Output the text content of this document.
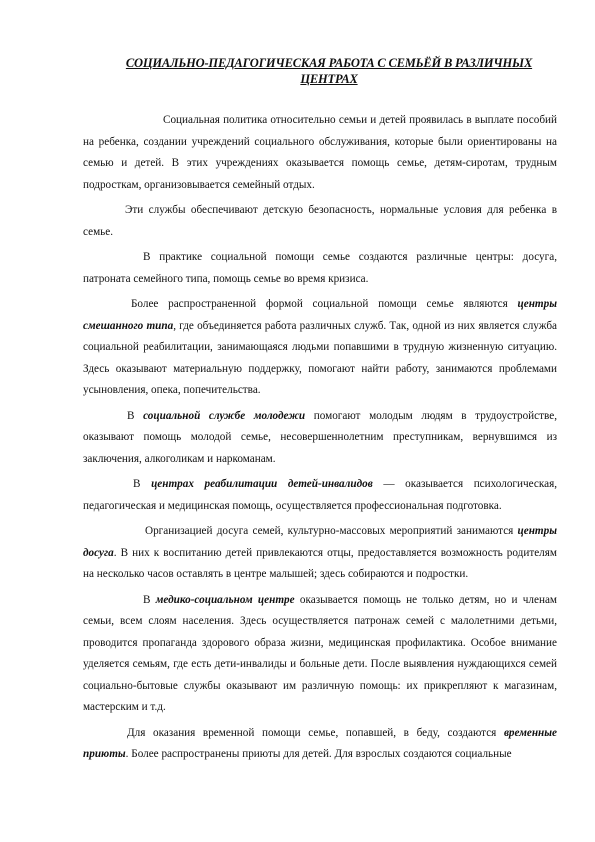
СОЦИАЛЬНО-ПЕДАГОГИЧЕСКАЯ РАБОТА С СЕМЬЁЙ В РАЗЛИЧНЫХ ЦЕНТРАХ

Социальная политика относительно семьи и детей проявилась в выплате пособий на ребенка, создании учреждений социального обслуживания, которые были ориентированы на семью и детей. В этих учреждениях оказывается помощь семье, детям-сиротам, трудным подросткам, организовывается семейный отдых.

Эти службы обеспечивают детскую безопасность, нормальные условия для ребенка в семье.

В практике социальной помощи семье создаются различные центры: досуга, патроната семейного типа, помощь семье во время кризиса.

Более распространенной формой социальной помощи семье являются центры смешанного типа, где объединяется работа различных служб. Так, одной из них является служба социальной реабилитации, занимающаяся людьми попавшими в трудную жизненную ситуацию. Здесь оказывают материальную поддержку, помогают найти работу, занимаются проблемами усыновления, опека, попечительства.

В социальной службе молодежи помогают молодым людям в трудоустройстве, оказывают помощь молодой семье, несовершеннолетним преступникам, вернувшимся из заключения, алкоголикам и наркоманам.

В центрах реабилитации детей-инвалидов — оказывается психологическая, педагогическая и медицинская помощь, осуществляется профессиональная подготовка.

Организацией досуга семей, культурно-массовых мероприятий занимаются центры досуга. В них к воспитанию детей привлекаются отцы, предоставляется возможность родителям на несколько часов оставлять в центре малышей; здесь собираются и подростки.

В медико-социальном центре оказывается помощь не только детям, но и членам семьи, всем слоям населения. Здесь осуществляется патронаж семей с малолетними детьми, проводится пропаганда здорового образа жизни, медицинская профилактика. Особое внимание уделяется семьям, где есть дети-инвалиды и больные дети. После выявления нуждающихся семей социально-бытовые службы оказывают им различную помощь: их прикрепляют к магазинам, мастерским и т.д.

Для оказания временной помощи семье, попавшей, в беду, создаются временные приюты. Более распространены приюты для детей. Для взрослых создаются социальные
